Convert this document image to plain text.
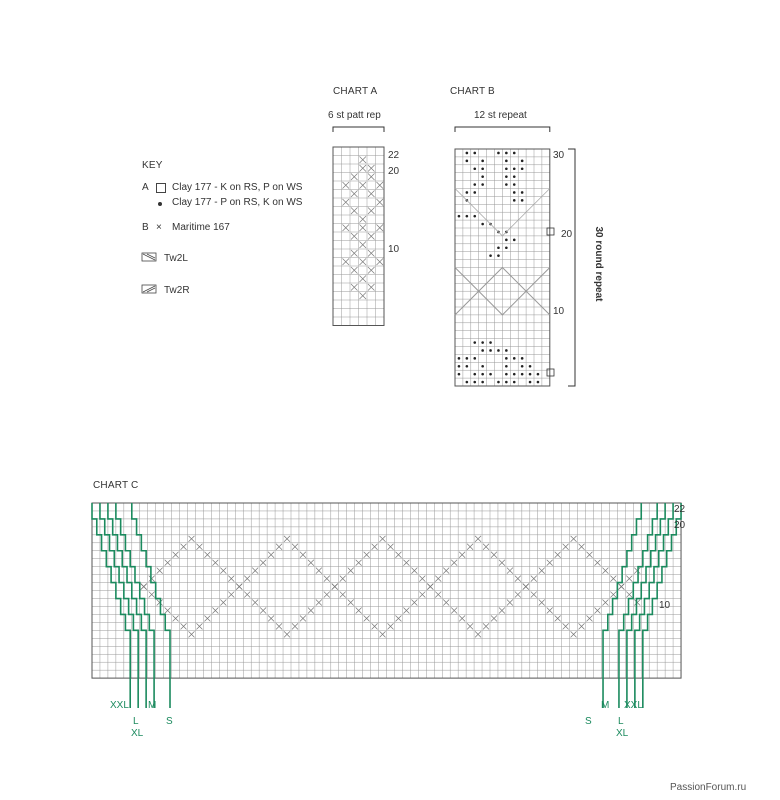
KEY
A Clay 177 - K on RS, P on WS
Clay 177 - P on RS, K on WS
B × Maritime 167
Tw2L
Tw2R
CHART A
6 st patt rep
22
20
10
CHART B
12 st repeat
30
20
10
30 round repeat
CHART C
22
20
10
XXL M
L
XL
S	S
M XXL
L
XL
PassionForum.ru
